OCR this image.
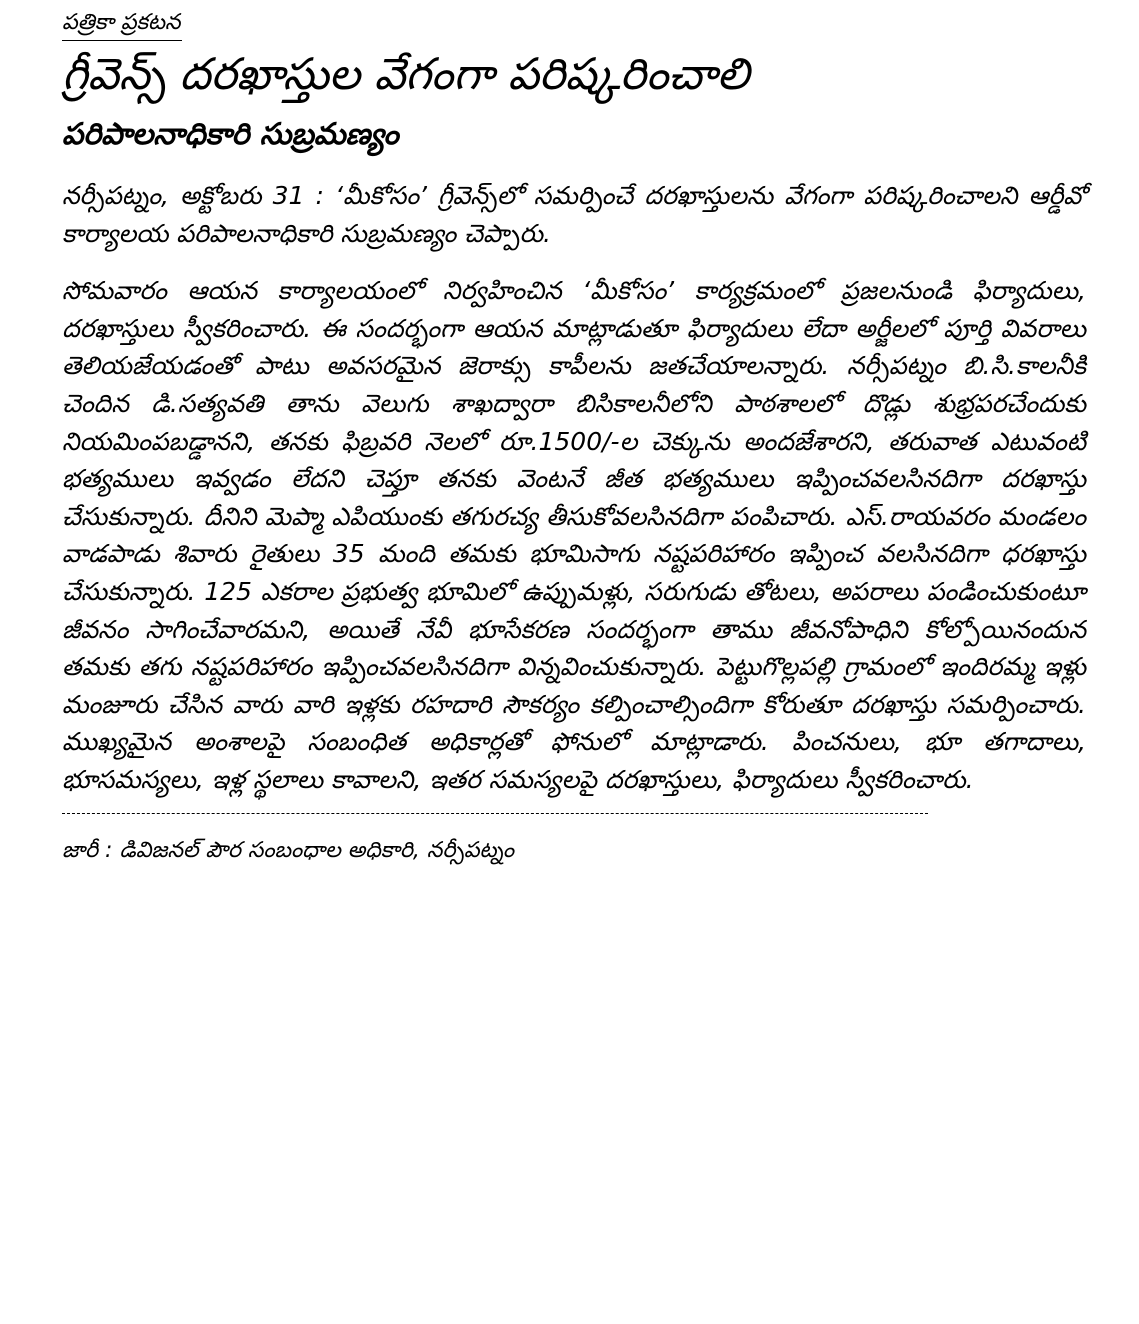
పత్రికా ప్రకటన
గ్రీవెన్స్ దరఖాస్తుల వేగంగా పరిష్కరించాలి
పరిపాలనాధికారి సుబ్రమణ్యం

నర్సీపట్నం, అక్టోబరు 31 : ‘మీకోసం’ గ్రీవెన్స్‌లో సమర్పించే దరఖాస్తులను వేగంగా పరిష్కరించాలని ఆర్డీవో కార్యాలయ పరిపాలనాధికారి సుబ్రమణ్యం చెప్పారు.

సోమవారం ఆయన కార్యాలయంలో నిర్వహించిన ‘మీకోసం’ కార్యక్రమంలో ప్రజలనుండి ఫిర్యాదులు, దరఖాస్తులు స్వీకరించారు. ఈ సందర్భంగా ఆయన మాట్లాడుతూ ఫిర్యాదులు లేదా అర్జీలలో పూర్తి వివరాలు తెలియజేయడంతో పాటు అవసరమైన జెరాక్సు కాపీలను జతచేయాలన్నారు. నర్సీపట్నం బి.సి.కాలనీకి చెందిన డి.సత్యవతి తాను వెలుగు శాఖద్వారా బిసికాలనీలోని పాఠశాలలో దొడ్లు శుభ్రపరచేందుకు నియమింపబడ్డానని, తనకు ఫిబ్రవరి నెలలో రూ.1500/-ల చెక్కును అందజేశారని, తరువాత ఎటువంటి భత్యములు ఇవ్వడం లేదని చెప్తూ తనకు వెంటనే జీత భత్యములు ఇప్పించవలసినదిగా దరఖాస్తు చేసుకున్నారు. దీనిని మెప్మా ఎపియుంకు తగురచ్య తీసుకోవలసినదిగా పంపిచారు. ఎస్.రాయవరం మండలం వాడపాడు శివారు రైతులు 35 మంది తమకు భూమిసాగు నష్టపరిహారం ఇప్పించ వలసినదిగా ధరఖాస్తు చేసుకున్నారు. 125 ఎకరాల ప్రభుత్వ భూమిలో ఉప్పుమళ్లు, సరుగుడు తోటలు, అపరాలు పండించుకుంటూ జీవనం సాగించేవారమని, అయితే నేవీ భూసేకరణ సందర్భంగా తాము జీవనోపాధిని కోల్పోయినందున తమకు తగు నష్టపరిహారం ఇప్పించవలసినదిగా విన్నవించుకున్నారు. పెట్టుగొల్లపల్లి గ్రామంలో ఇందిరమ్మ ఇళ్లు మంజూరు చేసిన వారు వారి ఇళ్లకు రహదారి సౌకర్యం కల్పించాల్సిందిగా కోరుతూ దరఖాస్తు సమర్పించారు. ముఖ్యమైన అంశాలపై సంబంధిత అధికార్లతో ఫోనులో మాట్లాడారు. పించనులు, భూ తగాదాలు, భూసమస్యలు, ఇళ్ల స్థలాలు కావాలని, ఇతర సమస్యలపై దరఖాస్తులు, ఫిర్యాదులు స్వీకరించారు.

జారీ : డివిజనల్ పౌర సంబంధాల అధికారి, నర్సీపట్నం
